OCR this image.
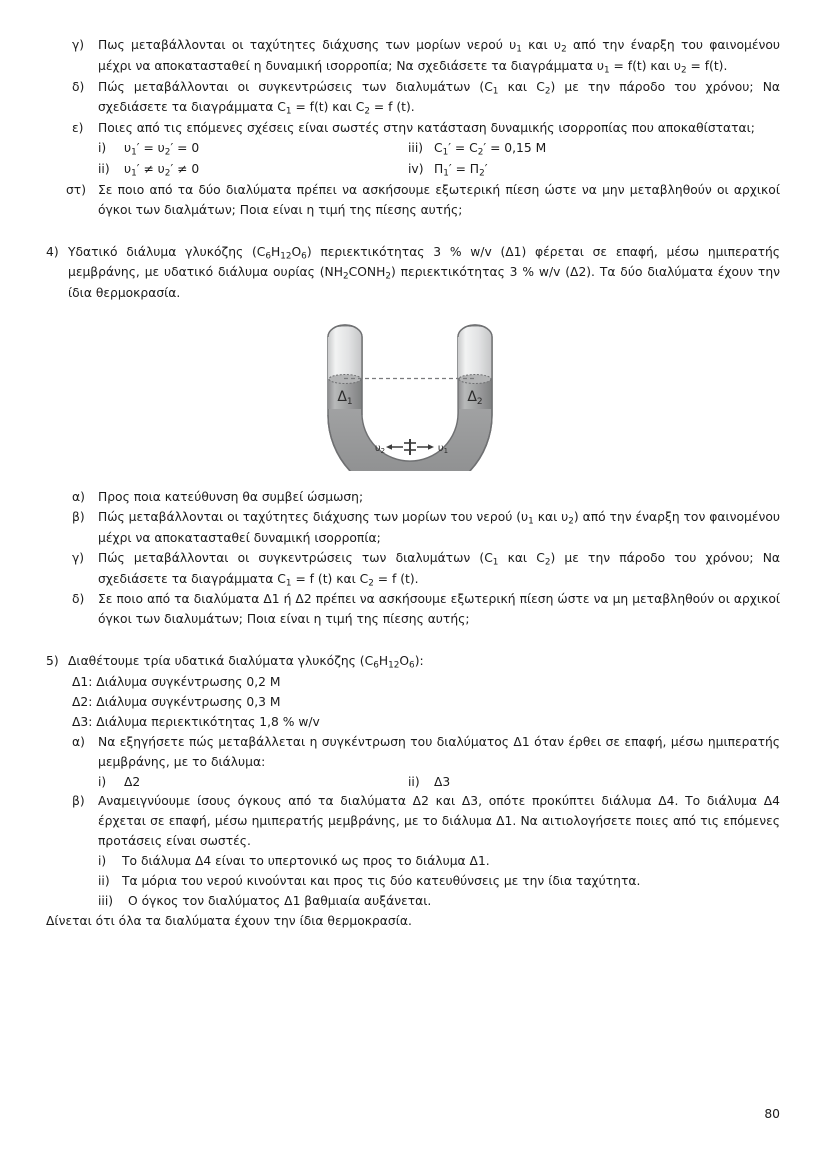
γ)	Πως μεταβάλλονται οι ταχύτητες διάχυσης των μορίων νερού $\upsilon_1$ και $\upsilon_2$ από την έναρξη του φαινομένου μέχρι να αποκατασταθεί η δυναμική ισορροπία; Να σχεδιάσετε τα διαγράμματα $\upsilon_1 = f(t)$ και $\upsilon_2 = f(t)$.
δ)	Πώς μεταβάλλονται οι συγκεντρώσεις των διαλυμάτων ($C_1$ και $C_2$) με την πάροδο του χρόνου; Να σχεδιάσετε τα διαγράμματα $C_1 = f(t)$ και $C_2 = f$ (t).
ε)	Ποιες από τις επόμενες σχέσεις είναι σωστές στην κατάσταση δυναμικής ισορροπίας που αποκαθίσταται;
i)	$\upsilon_1' = \upsilon_2' = 0$	iii) $C_1' = C_2' = 0,15$ M
ii)	$\upsilon_1' \ne \upsilon_2' \ne 0$	iv) $\Pi_1' = \Pi_2'$
στ) Σε ποιο από τα δύο διαλύματα πρέπει να ασκήσουμε εξωτερική πίεση ώστε να μην μεταβληθούν οι αρχικοί όγκοι των διαλμάτων; Ποια είναι η τιμή της πίεσης αυτής;
4) Υδατικό διάλυμα γλυκόζης $(C_6H_{12}O_6)$ περιεκτικότητας 3 % w/v (Δ1) φέρεται σε επαφή, μέσω ημιπερατής μεμβράνης, με υδατικό διάλυμα ουρίας $(NH_2CONH_2)$ περιεκτικότητας 3 % w/v (Δ2). Τα δύο διαλύματα έχουν την ίδια θερμοκρασία.
$\Delta_1$	$\Delta_2$
$\upsilon_2$	$\upsilon_1$
α)	Προς ποια κατεύθυνση θα συμβεί ώσμωση;
β)	Πώς μεταβάλλονται οι ταχύτητες διάχυσης των μορίων του νερού ($\upsilon_1$ και $\upsilon_2$) από την έναρξη τον φαινομένου μέχρι να αποκατασταθεί δυναμική ισορροπία;
γ)	Πώς μεταβάλλονται οι συγκεντρώσεις των διαλυμάτων ($C_1$ και $C_2$) με την πάροδο του χρόνου; Να σχεδιάσετε τα διαγράμματα $C_1 = f$ (t) και $C_2 = f$ (t).
δ)	Σε ποιο από τα διαλύματα Δ1 ή Δ2 πρέπει να ασκήσουμε εξωτερική πίεση ώστε να μη μεταβληθούν οι αρχικοί όγκοι των διαλυμάτων; Ποια είναι η τιμή της πίεσης αυτής;
5) Διαθέτουμε τρία υδατικά διαλύματα γλυκόζης $(C_6H_{12}O_6)$:
Δ1: Διάλυμα συγκέντρωσης 0,2 M
Δ2: Διάλυμα συγκέντρωσης 0,3 M
Δ3: Διάλυμα περιεκτικότητας 1,8 % w/v
α)	Να εξηγήσετε πώς μεταβάλλεται η συγκέντρωση του διαλύματος Δ1 όταν έρθει σε επαφή, μέσω ημιπερατής μεμβράνης, με το διάλυμα:
i)	Δ2	ii)	Δ3
β)	Αναμειγνύουμε ίσους όγκους από τα διαλύματα Δ2 και Δ3, οπότε προκύπτει διάλυμα Δ4. Το διάλυμα Δ4 έρχεται σε επαφή, μέσω ημιπερατής μεμβράνης, με το διάλυμα Δ1. Να αιτιολογήσετε ποιες από τις επόμενες προτάσεις είναι σωστές.
i)	Το διάλυμα Δ4 είναι το υπερτονικό ως προς το διάλυμα Δ1.
ii)	Τα μόρια του νερού κινούνται και προς τις δύο κατευθύνσεις με την ίδια ταχύτητα.
iii)	Ο όγκος τον διαλύματος Δ1 βαθμιαία αυξάνεται.
Δίνεται ότι όλα τα διαλύματα έχουν την ίδια θερμοκρασία.
80
